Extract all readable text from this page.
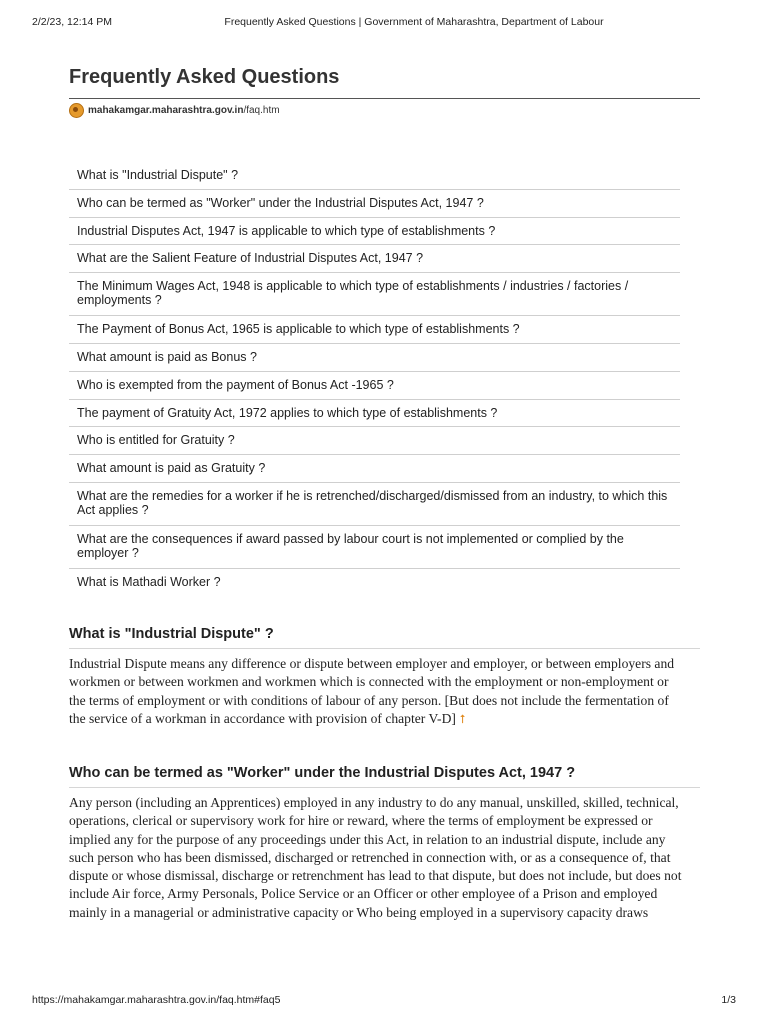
2/2/23, 12:14 PM	Frequently Asked Questions | Government of Maharashtra, Department of Labour
Frequently Asked Questions
mahakamgar.maharashtra.gov.in /faq.htm
What is "Industrial Dispute" ?
Who can be termed as "Worker" under the Industrial Disputes Act, 1947 ?
Industrial Disputes Act, 1947 is applicable to which type of establishments ?
What are the Salient Feature of Industrial Disputes Act, 1947 ?
The Minimum Wages Act, 1948 is applicable to which type of establishments / industries / factories / employments ?
The Payment of Bonus Act, 1965 is applicable to which type of establishments ?
What amount is paid as Bonus ?
Who is exempted from the payment of Bonus Act -1965 ?
The payment of Gratuity Act, 1972 applies to which type of establishments ?
Who is entitled for Gratuity ?
What amount is paid as Gratuity ?
What are the remedies for a worker if he is retrenched/discharged/dismissed from an industry, to which this Act applies ?
What are the consequences if award passed by labour court is not implemented or complied by the employer ?
What is Mathadi Worker ?
What is "Industrial Dispute" ?

Industrial Dispute means any difference or dispute between employer and employer, or between employers and workmen or between workmen and workmen which is connected with the employment or non-employment or the terms of employment or with conditions of labour of any person. [But does not include the fermentation of the service of a workman in accordance with provision of chapter V-D] ⭡

Who can be termed as "Worker" under the Industrial Disputes Act, 1947 ?

Any person (including an Apprentices) employed in any industry to do any manual, unskilled, skilled, technical, operations, clerical or supervisory work for hire or reward, where the terms of employment be expressed or implied any for the purpose of any proceedings under this Act, in relation to an industrial dispute, include any such person who has been dismissed, discharged or retrenched in connection with, or as a consequence of, that dispute or whose dismissal, discharge or retrenchment has lead to that dispute, but does not include, but does not include Air force, Army Personals, Police Service or an Officer or other employee of a Prison and employed mainly in a managerial or administrative capacity or Who being employed in a supervisory capacity draws

https://mahakamgar.maharashtra.gov.in/faq.htm#faq5	1/3
